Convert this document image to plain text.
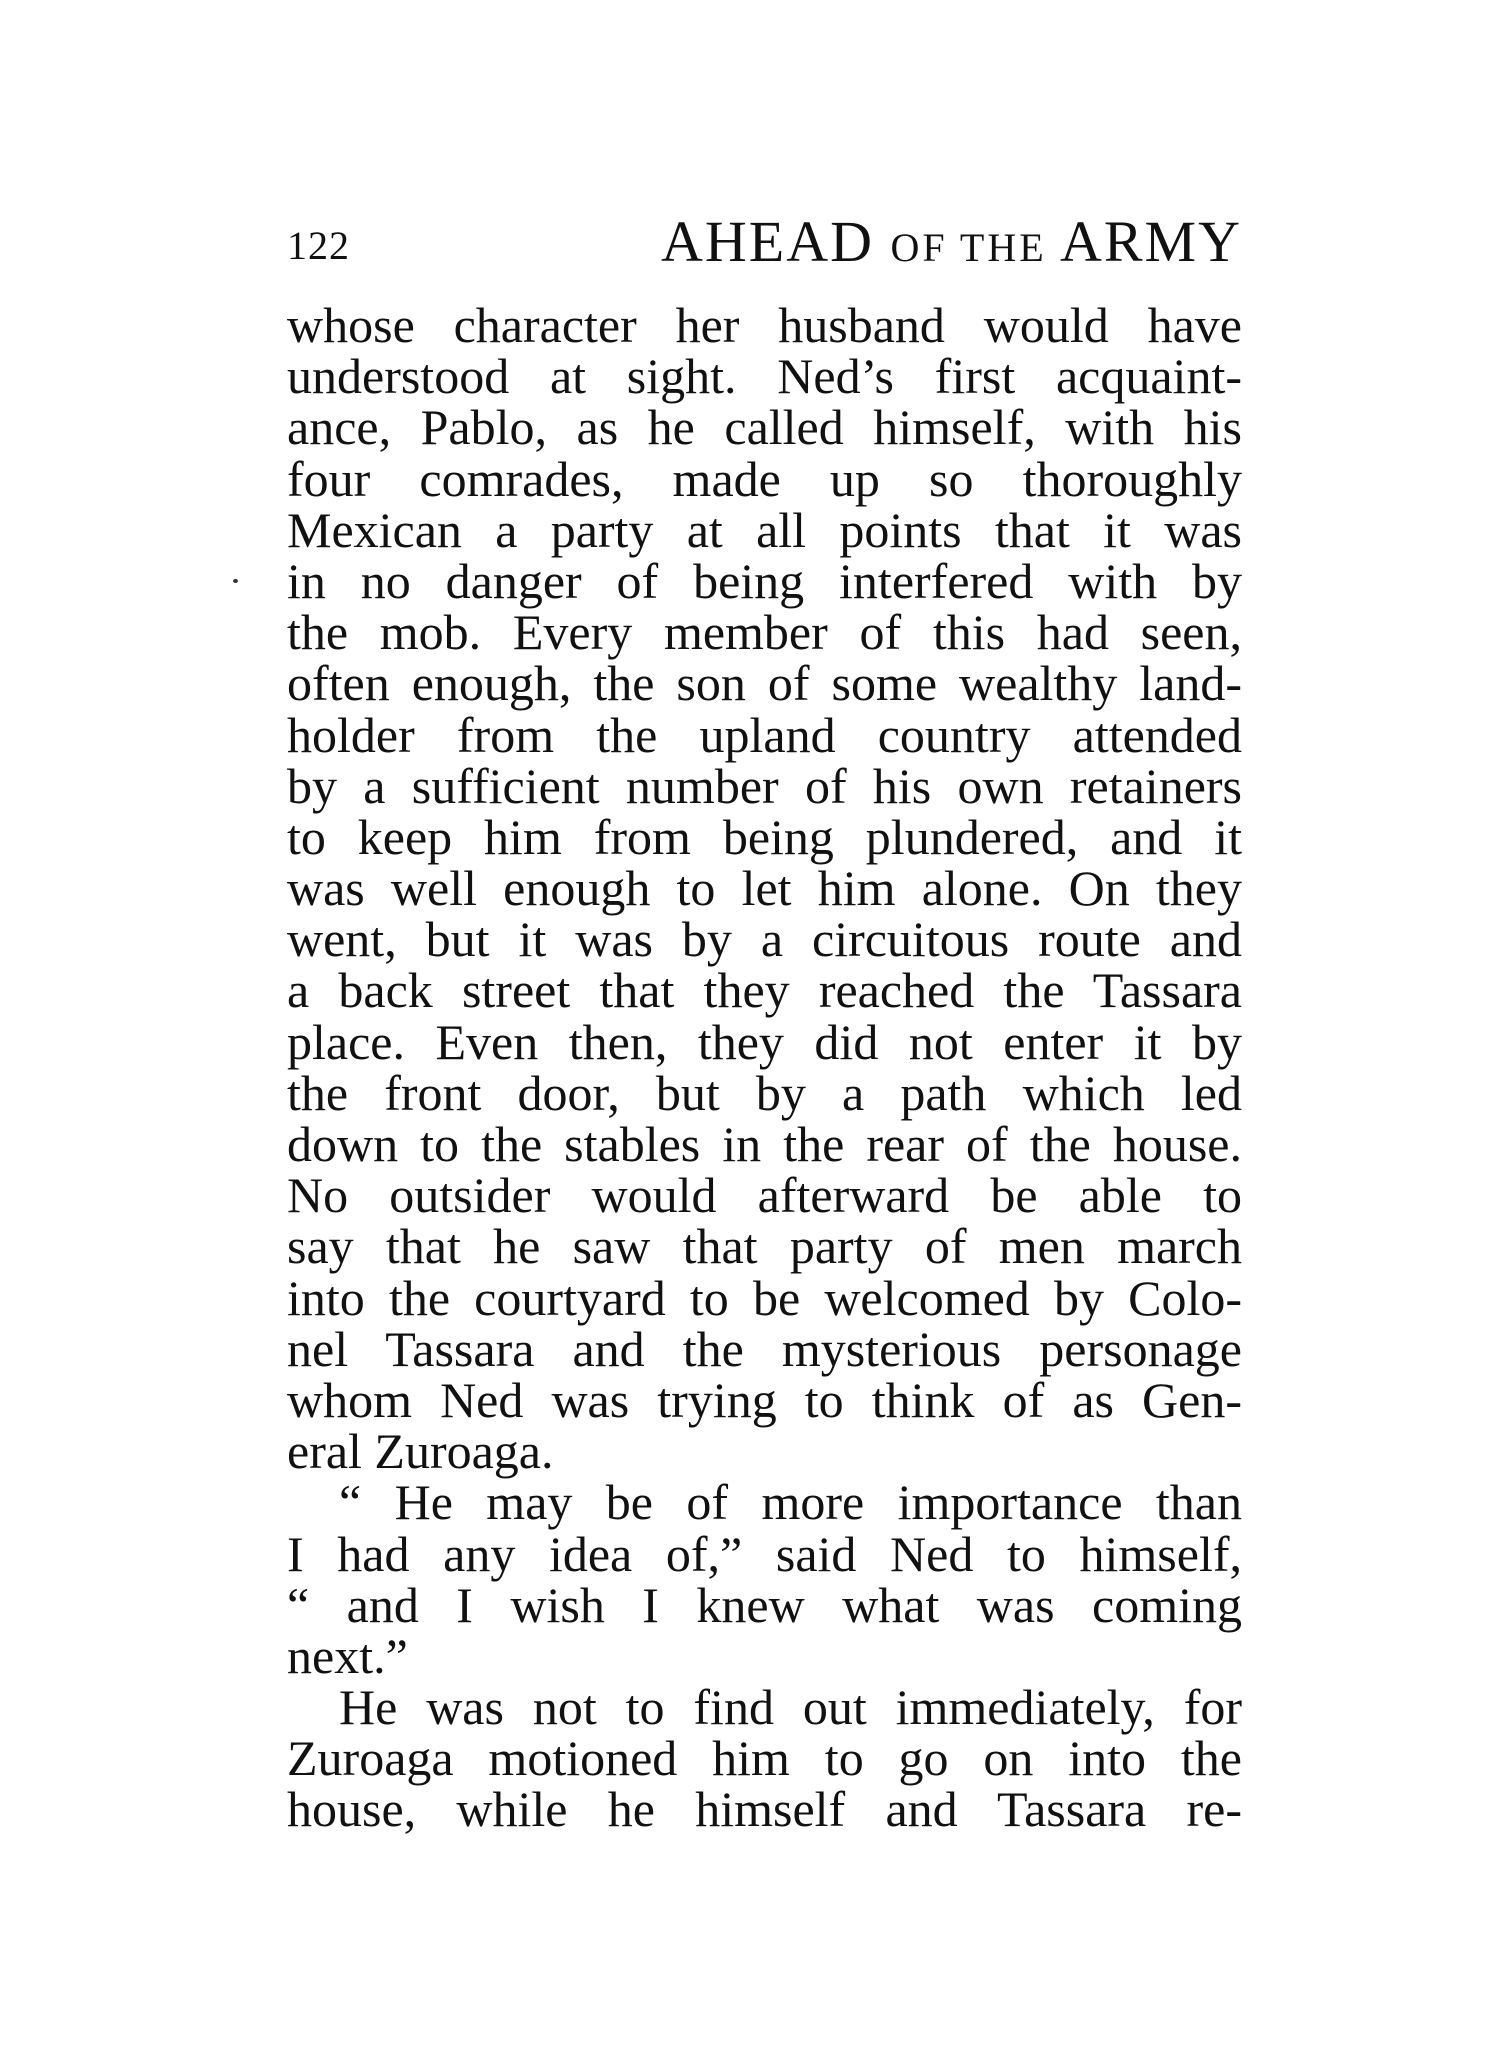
122	AHEAD OF THE ARMY
whose character her husband would have
understood at sight. Ned’s first acquaint-
ance, Pablo, as he called himself, with his
four comrades, made up so thoroughly
Mexican a party at all points that it was
in no danger of being interfered with by
the mob. Every member of this had seen,
often enough, the son of some wealthy land-
holder from the upland country attended
by a sufficient number of his own retainers
to keep him from being plundered, and it
was well enough to let him alone. On they
went, but it was by a circuitous route and
a back street that they reached the Tassara
place. Even then, they did not enter it by
the front door, but by a path which led
down to the stables in the rear of the house.
No outsider would afterward be able to
say that he saw that party of men march
into the courtyard to be welcomed by Colo-
nel Tassara and the mysterious personage
whom Ned was trying to think of as Gen-
eral Zuroaga.
“ He may be of more importance than
I had any idea of,” said Ned to himself,
“ and I wish I knew what was coming
next.”
He was not to find out immediately, for
Zuroaga motioned him to go on into the
house, while he himself and Tassara re-
